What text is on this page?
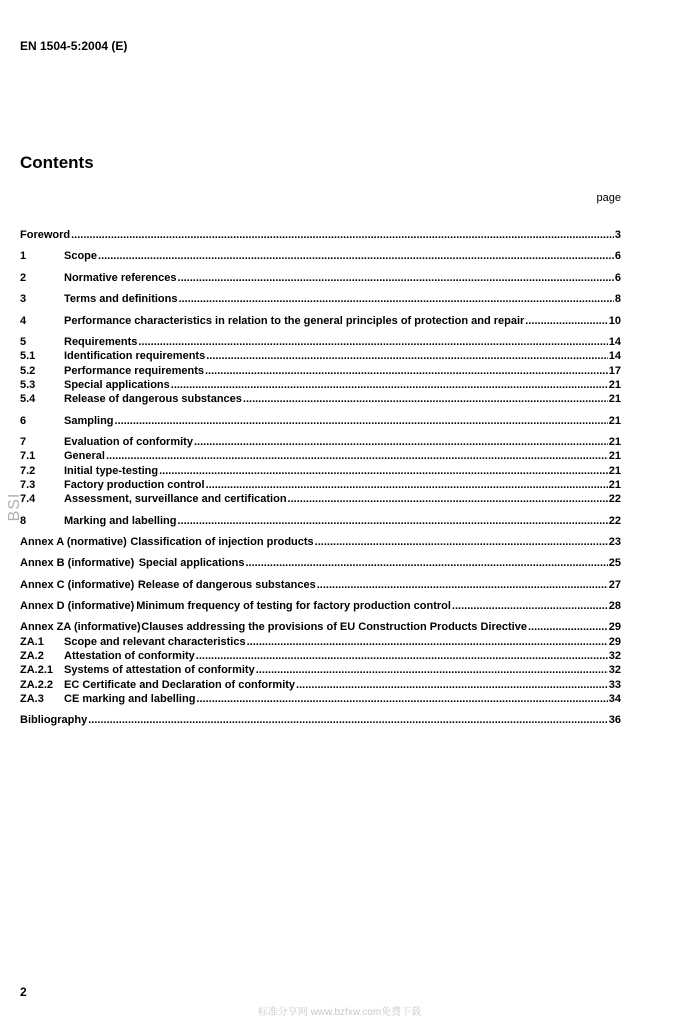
EN 1504-5:2004 (E)
Contents
page
Foreword .....	3
1	Scope .....	6
2	Normative references .....	6
3	Terms and definitions .....	8
4	Performance characteristics in relation to the general principles of protection and repair .....	10
5	Requirements .....	14
5.1	Identification requirements .....	14
5.2	Performance requirements .....	17
5.3	Special applications .....	21
5.4	Release of dangerous substances .....	21
6	Sampling .....	21
7	Evaluation of conformity .....	21
7.1	General .....	21
7.2	Initial type-testing .....	21
7.3	Factory production control .....	21
7.4	Assessment, surveillance and certification .....	22
8	Marking and labelling .....	22
Annex A (normative) Classification of injection products .....	23
Annex B (informative) Special applications .....	25
Annex C (informative) Release of dangerous substances .....	27
Annex D (informative) Minimum frequency of testing for factory production control .....	28
Annex ZA (informative) Clauses addressing the provisions of EU Construction Products Directive .....	29
ZA.1	Scope and relevant characteristics .....	29
ZA.2	Attestation of conformity .....	32
ZA.2.1 Systems of attestation of conformity .....	32
ZA.2.2 EC Certificate and Declaration of conformity .....	33
ZA.3	CE marking and labelling .....	34
Bibliography .....	36
BSI
2
标准分享网 www.bzfxw.com免费下载
